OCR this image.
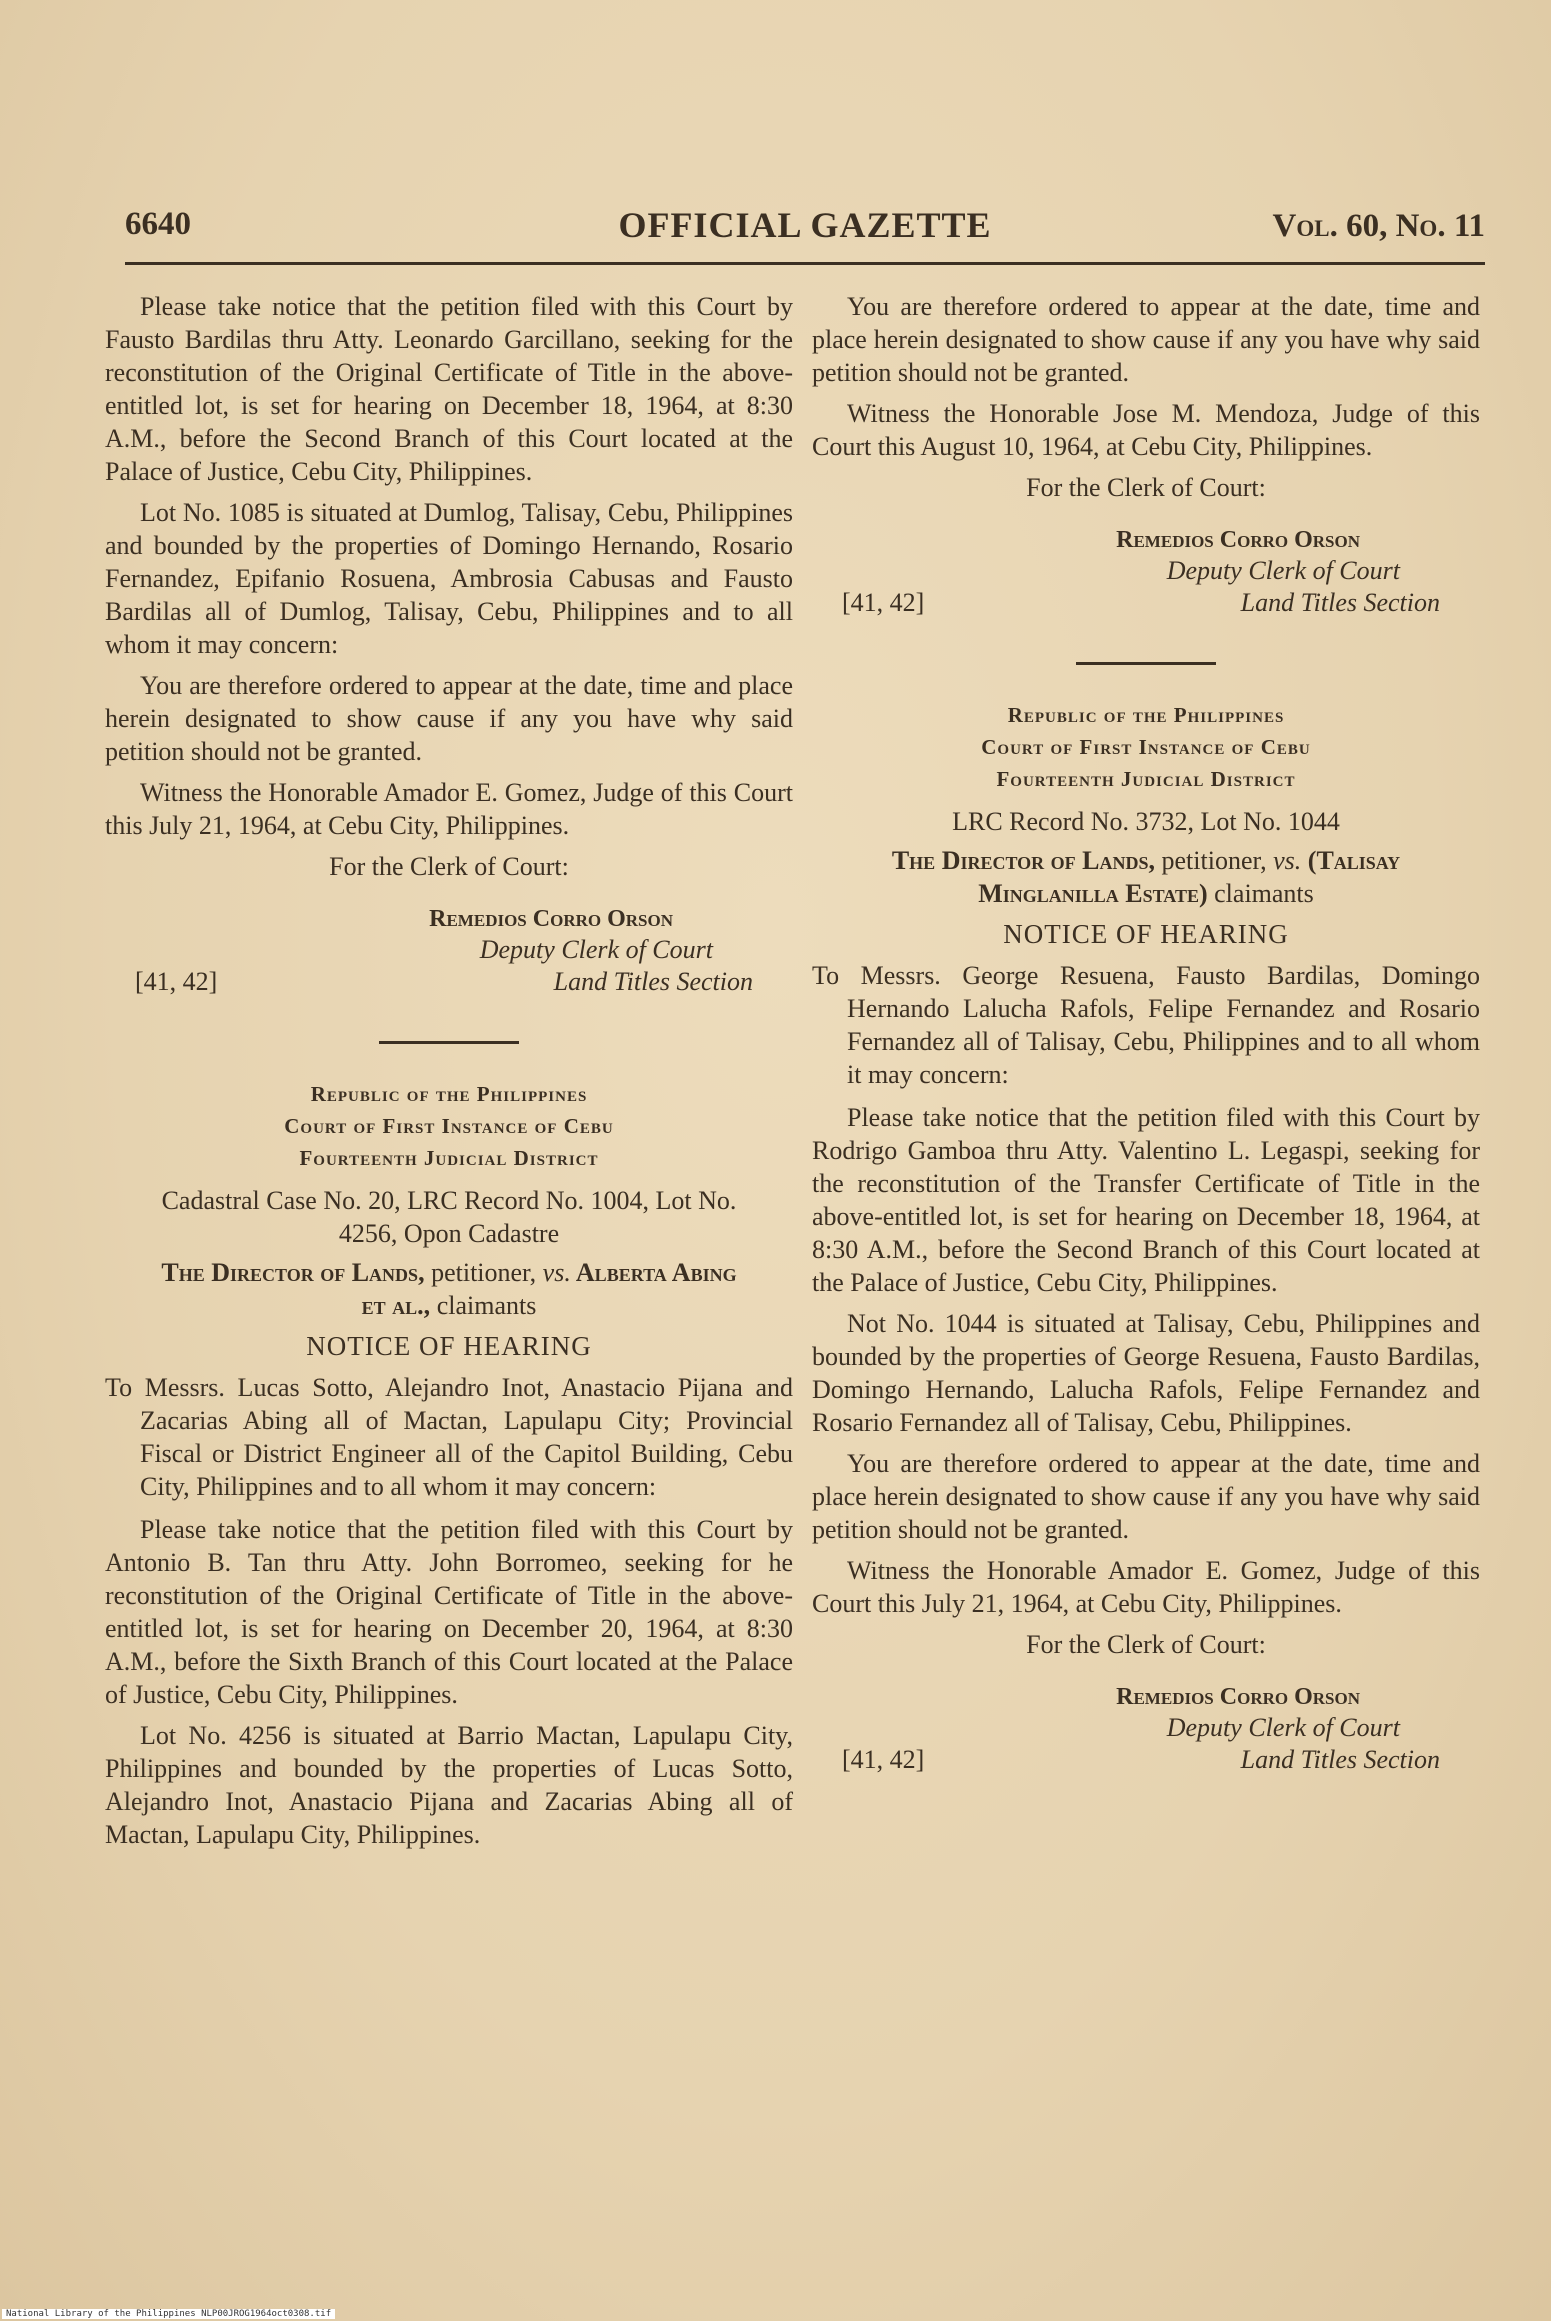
6640	OFFICIAL GAZETTE	Vol. 60, No. 11

Please take notice that the petition filed with this Court by Fausto Bardilas thru Atty. Leonardo Garcillano, seeking for the reconstitution of the Original Certificate of Title in the above-entitled lot, is set for hearing on December 18, 1964, at 8:30 A.M., before the Second Branch of this Court located at the Palace of Justice, Cebu City, Philippines.

Lot No. 1085 is situated at Dumlog, Talisay, Cebu, Philippines and bounded by the properties of Domingo Hernando, Rosario Fernandez, Epifanio Rosuena, Ambrosia Cabusas and Fausto Bardilas all of Dumlog, Talisay, Cebu, Philippines and to all whom it may concern:

You are therefore ordered to appear at the date, time and place herein designated to show cause if any you have why said petition should not be granted.

Witness the Honorable Amador E. Gomez, Judge of this Court this July 21, 1964, at Cebu City, Philippines.

For the Clerk of Court:

Remedios Corro Orson
Deputy Clerk of Court
[41, 42]	Land Titles Section
Republic of the Philippines
Court of First Instance of Cebu
Fourteenth Judicial District

Cadastral Case No. 20, LRC Record No. 1004, Lot No. 4256, Opon Cadastre

The Director of Lands, petitioner, vs. Alberta Abing et al., claimants

NOTICE OF HEARING

To Messrs. Lucas Sotto, Alejandro Inot, Anastacio Pijana and Zacarias Abing all of Mactan, Lapulapu City; Provincial Fiscal or District Engineer all of the Capitol Building, Cebu City, Philippines and to all whom it may concern:

Please take notice that the petition filed with this Court by Antonio B. Tan thru Atty. John Borromeo, seeking for he reconstitution of the Original Certificate of Title in the above-entitled lot, is set for hearing on December 20, 1964, at 8:30 A.M., before the Sixth Branch of this Court located at the Palace of Justice, Cebu City, Philippines.

Lot No. 4256 is situated at Barrio Mactan, Lapulapu City, Philippines and bounded by the properties of Lucas Sotto, Alejandro Inot, Anastacio Pijana and Zacarias Abing all of Mactan, Lapulapu City, Philippines.

You are therefore ordered to appear at the date, time and place herein designated to show cause if any you have why said petition should not be granted.

Witness the Honorable Jose M. Mendoza, Judge of this Court this August 10, 1964, at Cebu City, Philippines.

For the Clerk of Court:

Remedios Corro Orson
Deputy Clerk of Court
[41, 42]	Land Titles Section
Republic of the Philippines
Court of First Instance of Cebu
Fourteenth Judicial District

LRC Record No. 3732, Lot No. 1044

The Director of Lands, petitioner, vs. (Talisay Minglanilla Estate) claimants

NOTICE OF HEARING

To Messrs. George Resuena, Fausto Bardilas, Domingo Hernando Lalucha Rafols, Felipe Fernandez and Rosario Fernandez all of Talisay, Cebu, Philippines and to all whom it may concern:

Please take notice that the petition filed with this Court by Rodrigo Gamboa thru Atty. Valentino L. Legaspi, seeking for the reconstitution of the Transfer Certificate of Title in the above-entitled lot, is set for hearing on December 18, 1964, at 8:30 A.M., before the Second Branch of this Court located at the Palace of Justice, Cebu City, Philippines.

Not No. 1044 is situated at Talisay, Cebu, Philippines and bounded by the properties of George Resuena, Fausto Bardilas, Domingo Hernando, Lalucha Rafols, Felipe Fernandez and Rosario Fernandez all of Talisay, Cebu, Philippines.

You are therefore ordered to appear at the date, time and place herein designated to show cause if any you have why said petition should not be granted.

Witness the Honorable Amador E. Gomez, Judge of this Court this July 21, 1964, at Cebu City, Philippines.

For the Clerk of Court:

Remedios Corro Orson
Deputy Clerk of Court
[41, 42]	Land Titles Section
National Library of the Philippines NLP00JROG1964oct0308.tif
